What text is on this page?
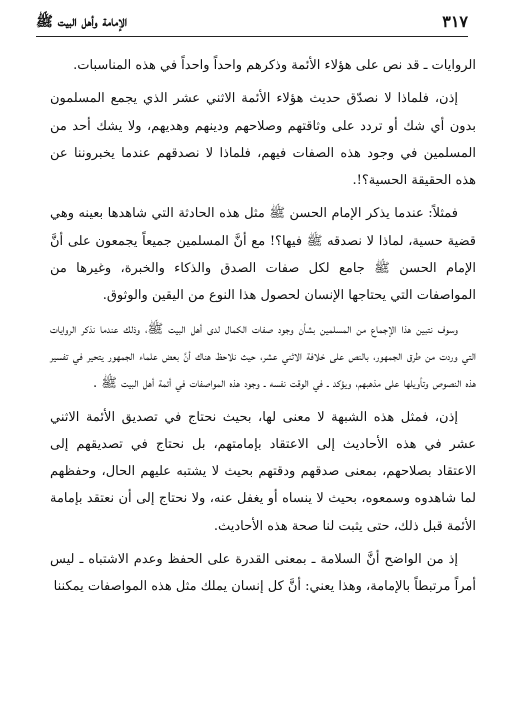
٣١٧
الإمامة وأهل البيت ﷺ

الروايات ـ قد نص على هؤلاء الأئمة وذكرهم واحداً واحداً في هذه المناسبات.

إذن، فلماذا لا نصدّق حديث هؤلاء الأئمة الاثني عشر الذي يجمع المسلمون بدون أي شك أو تردد على وثاقتهم وصلاحهم ودينهم وهديهم، ولا يشك أحد من المسلمين في وجود هذه الصفات فيهم، فلماذا لا نصدقهم عندما يخبروننا عن هذه الحقيقة الحسية؟!.

فمثلاً: عندما يذكر الإمام الحسن ﷺ مثل هذه الحادثة التي شاهدها بعينه وهي قضية حسية، لماذا لا نصدقه ﷺ فيها؟! مع أنَّ المسلمين جميعاً يجمعون على أنَّ الإمام الحسن ﷺ جامع لكل صفات الصدق والذكاء والخبرة، وغيرها من المواصفات التي يحتاجها الإنسان لحصول هذا النوع من اليقين والوثوق.

وسوف نتبين هذا الإجماع من المسلمين بشأن وجود صفات الكمال لدى أهل البيت ﷺ، وذلك عندما نذكر الروايات التي وردت من طرق الجمهور، بالنص على خلافة الاثني عشر، حيث نلاحظ هناك أنَّ بعض علماء الجمهور يتحير في تفسير هذه النصوص وتأويلها على مذهبهم، ويؤكد ـ في الوقت نفسه ـ وجود هذه المواصفات في أئمة أهل البيت ﷺ .

إذن، فمثل هذه الشبهة لا معنى لها، بحيث نحتاج في تصديق الأئمة الاثني عشر في هذه الأحاديث إلى الاعتقاد بإمامتهم، بل نحتاج في تصديقهم إلى الاعتقاد بصلاحهم، بمعنى صدقهم ودقتهم بحيث لا يشتبه عليهم الحال، وحفظهم لما شاهدوه وسمعوه، بحيث لا ينساه أو يغفل عنه، ولا نحتاج إلى أن نعتقد بإمامة الأئمة قبل ذلك، حتى يثبت لنا صحة هذه الأحاديث.

إذ من الواضح أنَّ السلامة ـ بمعنى القدرة على الحفظ وعدم الاشتباه ـ ليس أمراً مرتبطاً بالإمامة، وهذا يعني: أنَّ كل إنسان يملك مثل هذه المواصفات يمكننا
